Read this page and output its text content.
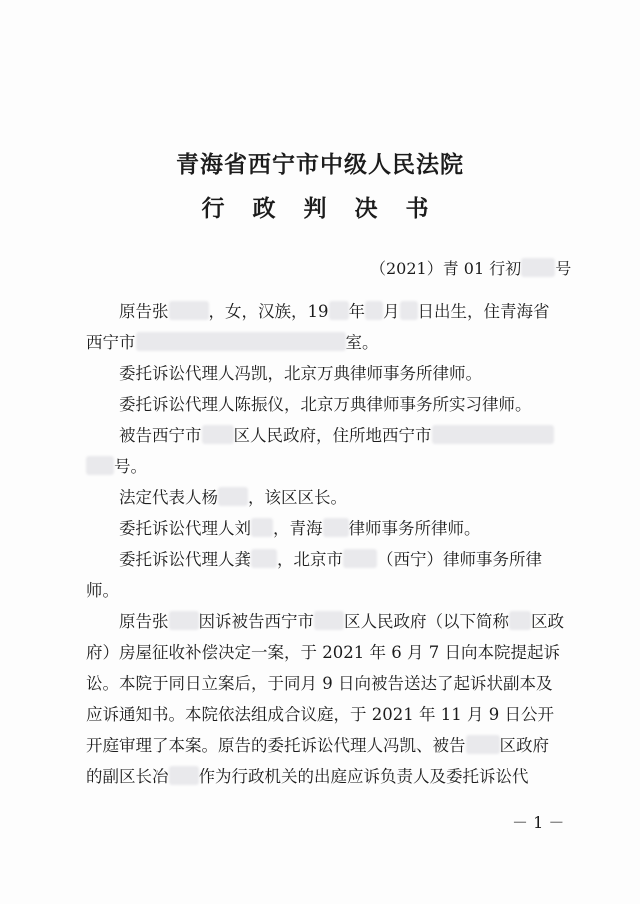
青海省西宁市中级人民法院
行 政 判 决 书
（2021）青 01 行初 号

原告张 ，女，汉族，19 年 月 日出生，住青海省西宁市	室。

委托诉讼代理人冯凯，北京万典律师事务所律师。

委托诉讼代理人陈振仪，北京万典律师事务所实习律师。

被告西宁市 区人民政府，住所地西宁市号。

法定代表人杨 ，该区区长。

委托诉讼代理人刘 ，青海 律师事务所律师。

委托诉讼代理人龚 ，北京市 （西宁）律师事务所律师。

原告张 因诉被告西宁市 区人民政府（以下简称 区政府）房屋征收补偿决定一案，于 2021 年 6 月 7 日向本院提起诉讼。本院于同日立案后，于同月 9 日向被告送达了起诉状副本及应诉通知书。本院依法组成合议庭，于 2021 年 11 月 9 日公开开庭审理了本案。原告的委托诉讼代理人冯凯、被告 区政府的副区长冶 作为行政机关的出庭应诉负责人及委托诉讼代

－ 1 －
